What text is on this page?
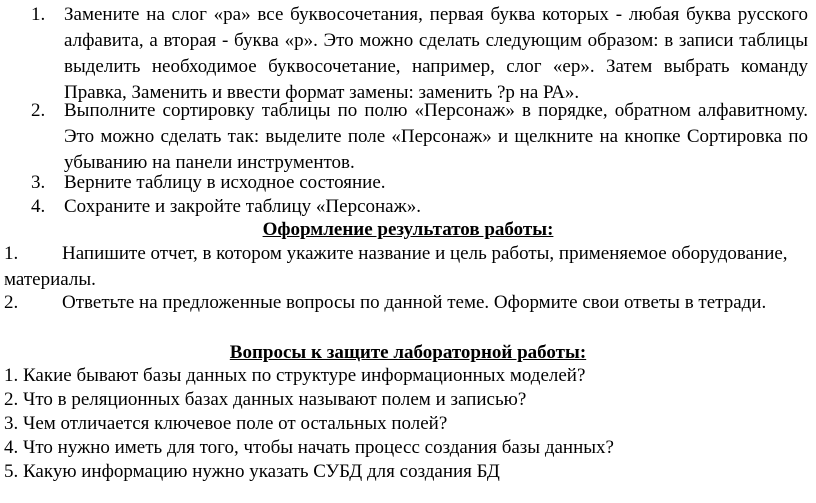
1. Замените на слог «ра» все буквосочетания, первая буква которых - любая буква русского алфавита, а вторая - буква «р». Это можно сделать следующим образом: в записи таблицы выделить необходимое буквосочетание, например, слог «ер». Затем выбрать команду Правка, Заменить и ввести формат замены: заменить ?р на РА».
2. Выполните сортировку таблицы по полю «Персонаж» в порядке, обратном алфавитному. Это можно сделать так: выделите поле «Персонаж» и щелкните на кнопке Сортировка по убыванию на панели инструментов.
3. Верните таблицу в исходное состояние.
4. Сохраните и закройте таблицу «Персонаж».
Оформление результатов работы:
Напишите отчет, в котором укажите название и цель работы, применяемое оборудование, материалы.
1.
Ответьте на предложенные вопросы по данной теме. Оформите свои ответы в тетради.
2.
Вопросы к защите лабораторной работы:
1. Какие бывают базы данных по структуре информационных моделей?
2. Что в реляционных базах данных называют полем и записью?
3. Чем отличается ключевое поле от остальных полей?
4. Что нужно иметь для того, чтобы начать процесс создания базы данных?
5. Какую информацию нужно указать СУБД для создания БД
